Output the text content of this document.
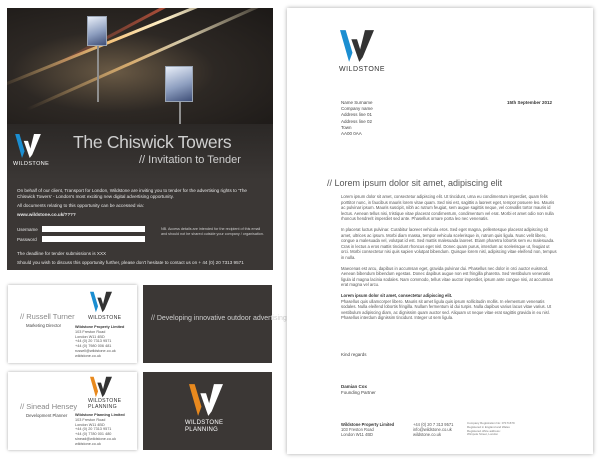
WILDSTONE
The Chiswick Towers
// Invitation to Tender

On behalf of our client, Transport for London, Wildstone are inviting you to tender for the advertising rights to 'The Chiswick Towers' - London's most exciting new digital advertising opportunity.

All documents relating to this opportunity can be accessed via:

www.wildstone.co.uk/????

Username
Password
NB. Access details are intended for the recipient of this email and should not be shared outside your company / organisation.
The deadline for tender submissions is XXX
Should you wish to discuss this opportunity further, please don't hesitate to contact us on + 44 (0) 20 7313 9571
WILDSTONE
// Russell Turner
Marketing Director	Wildstone Property Limited
103 Freston Road
London W11 4BD
+44 (0) 20 7313 9571
+44 (0) 7980 006 481
russell@wildstone.co.uk
wildstone.co.uk
// Developing innovative outdoor advertising
WILDSTONE PLANNING
// Sinead Hensey
Development Planner Wildstone Planning Limited
103 Freston Road
London W11 4BD
+44 (0) 20 7313 9571
+44 (0) 7780 001 480
sinead@wildstone.co.uk
wildstone.co.uk
WILDSTONE PLANNING
WILDSTONE
Name Surname
Company name
Address line 01
Address line 02
Town
AA00 0AA
15th September 2012
// Lorem ipsum dolor sit amet, adipiscing elit

Lorem ipsum dolor sit amet, consectetur adipiscing elit. Ut tincidunt, urna eu condimentum imperdiet, quam felis porttitor nunc, in faucibus mauris lorem vitae quam. Sed nisi est, sagittis a laoreet eget, tempor posuere leo. Mauris ac pulvinar ipsum. Mauris suscipit, nibh ac rutrum feugiat, sem augue sagittis neque, vel convallis tortor mauris id lectus. Aenean tellus nisi, tristique vitae placerat condimentum, condimentum vel erat. Morbi et amet odio non nulla rhoncus hendrerit imperdiet sed ante. Phasellus ornare porta leo nec venenatis.

In placerat luctus pulvinar. Curabitur laoreet vehicula eros. Sed eget magna, pellentesque placerat adipiscing sit amet, ultrices ac ipsum. Morbi diam massa, tempor vehicula scelerisque in, rutrum quis ligula. Nunc velit libero, congue a malesuada vel, volutpat id est. Sed mattis malesuada laoreet. Etiam pharetra lobortis sem eu malesuada. Cras in lectus a eros mattis tincidunt rhoncus eget nisl. Donec quam purus, interdum ac scelerisque ut, feugiat ut orci. Morbi consectetur nisi quis sapien volutpat bibendum. Quisque lorem nisl, adipiscing vitae eleifend non, tempus in nulla.

Maecenas est arcu, dapibus in accumsan eget, gravida pulvinar dui. Phasellus nec dolor in orci auctor euismod. Aenean bibendum bibendum egestas. Donec dapibus augue non est fringilla pharetra. Sed Vestibulum venenatis ligula id magna lacinia sodales. Nam commodo, tellus vitae auctor imperdiet, ipsum ante congue nisi, at accumsan erat magna vel arcu.

Lorem ipsum dolor sit amet, consectetur adipiscing elit.

Phasellus quis ullamcorper libero. Mauris sit amet ligula quis ipsum sollicitudin mollis. In elementum venenatis sodales. Nulla eleifend lobortis fringilla. Nullam fermentum id dui turpis. Nulla dapibus varius lacus vitae varius. Ut vestibulum adipiscing diam, ac dignissim quam auctor sed. Aliquam ut neque vitae erat sagittis gravida in eu nisl. Phasellus interdum dignissim tincidunt. Integer ut sem ligula.

Kind regards
Damian Cox
Founding Partner
Wildstone Property Limited
103 Freston Road
London W11 4BD
+44 (0) 20 7 313 9571
info@wildstone.co.uk
wildstone.co.uk
Company Registration No: 07171679
Registered in England and Wales
Registered office address:
Wimpole Street, London
